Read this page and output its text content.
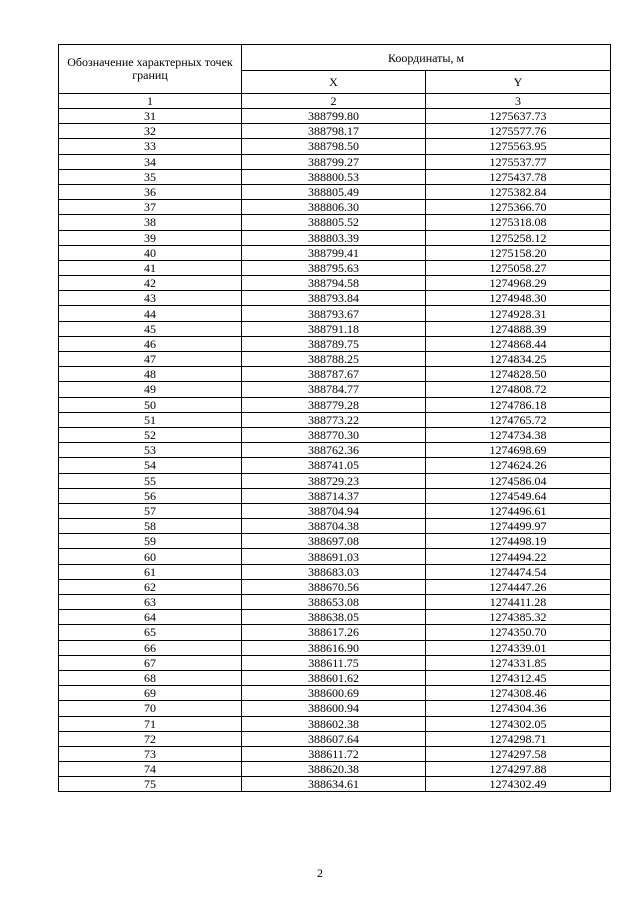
Обозначение характерных точек границ	Координаты, м	
	X	Y
1	2	3
31	388799.80	1275637.73
32	388798.17	1275577.76
33	388798.50	1275563.95
34	388799.27	1275537.77
35	388800.53	1275437.78
36	388805.49	1275382.84
37	388806.30	1275366.70
38	388805.52	1275318.08
39	388803.39	1275258.12
40	388799.41	1275158.20
41	388795.63	1275058.27
42	388794.58	1274968.29
43	388793.84	1274948.30
44	388793.67	1274928.31
45	388791.18	1274888.39
46	388789.75	1274868.44
47	388788.25	1274834.25
48	388787.67	1274828.50
49	388784.77	1274808.72
50	388779.28	1274786.18
51	388773.22	1274765.72
52	388770.30	1274734.38
53	388762.36	1274698.69
54	388741.05	1274624.26
55	388729.23	1274586.04
56	388714.37	1274549.64
57	388704.94	1274496.61
58	388704.38	1274499.97
59	388697.08	1274498.19
60	388691.03	1274494.22
61	388683.03	1274474.54
62	388670.56	1274447.26
63	388653.08	1274411.28
64	388638.05	1274385.32
65	388617.26	1274350.70
66	388616.90	1274339.01
67	388611.75	1274331.85
68	388601.62	1274312.45
69	388600.69	1274308.46
70	388600.94	1274304.36
71	388602.38	1274302.05
72	388607.64	1274298.71
73	388611.72	1274297.58
74	388620.38	1274297.88
75	388634.61	1274302.49
2
